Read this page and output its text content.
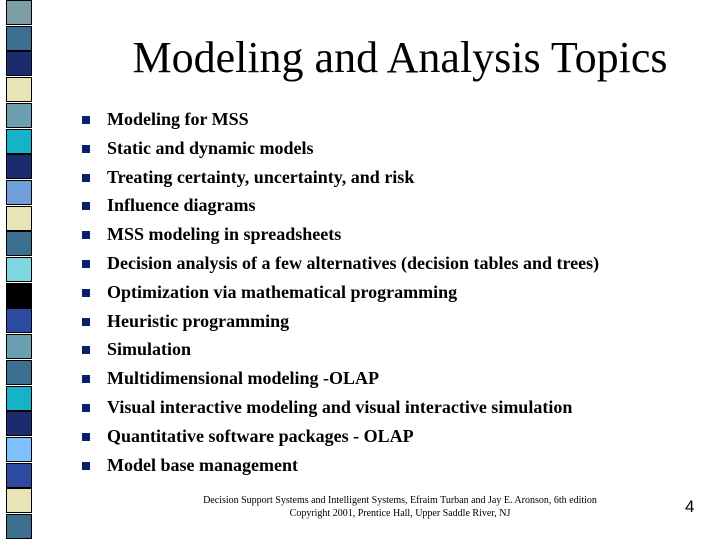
Modeling and Analysis Topics
Modeling for MSS
Static and dynamic models
Treating certainty, uncertainty, and risk
Influence diagrams
MSS modeling in spreadsheets
Decision analysis of a few alternatives (decision tables and trees)
Optimization via mathematical programming
Heuristic programming
Simulation
Multidimensional modeling -OLAP
Visual interactive modeling and visual interactive simulation
Quantitative software packages - OLAP
Model base management
Decision Support Systems and Intelligent Systems, Efraim Turban and Jay E. Aronson, 6th edition
Copyright 2001, Prentice Hall, Upper Saddle River, NJ	4
